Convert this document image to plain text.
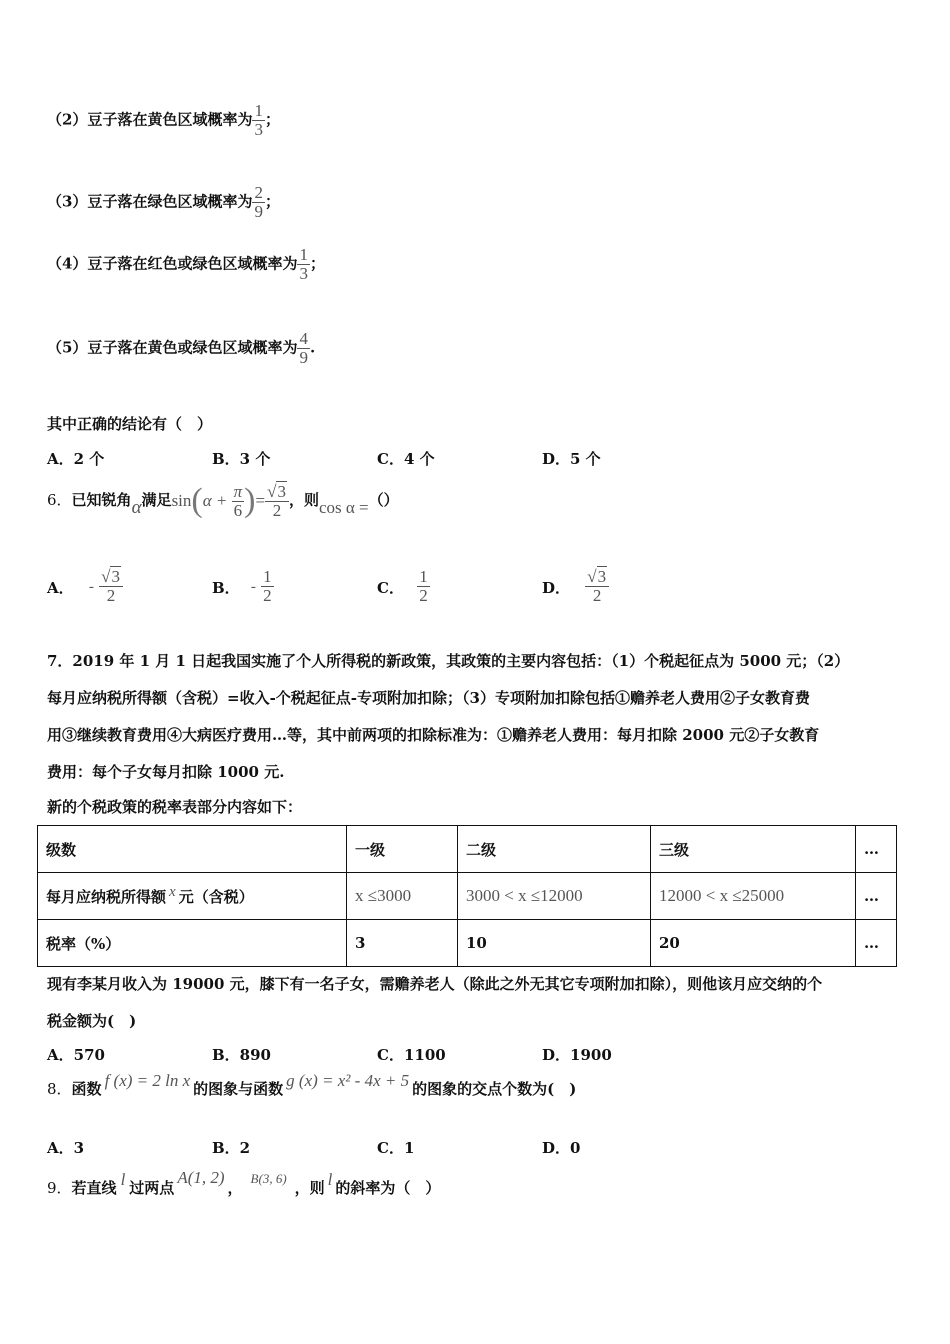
（2）豆子落在黄色区域概率为 $\frac{1}{3}$ ；
（3）豆子落在绿色区域概率为 $\frac{2}{9}$ ；
（4）豆子落在红色或绿色区域概率为 $\frac{1}{3}$ ；
（5）豆子落在黄色或绿色区域概率为 $\frac{4}{9}$ .
其中正确的结论有（　）
A．2 个	B．3 个	C．4 个	D．5 个
6．已知锐角α满足$\sin(\alpha + \frac{\pi}{6}$ )= $\frac{√3}{2}$ ，则cos α =（）
A． - $\frac{√3}{2}$	B． - $\frac{1}{2}$	C． $\frac{1}{2}$	D． $\frac{√3}{2}$
7．2019 年 1 月 1 日起我国实施了个人所得税的新政策，其政策的主要内容包括：（1）个税起征点为 5000 元；（2）
每月应纳税所得额（含税）=收入-个税起征点-专项附加扣除；（3）专项附加扣除包括①赡养老人费用②子女教育费
用③继续教育费用④大病医疗费用…等，其中前两项的扣除标准为：①赡养老人费用：每月扣除 2000 元②子女教育
费用：每个子女每月扣除 1000 元.
新的个税政策的税率表部分内容如下：
级数	一级	二级	三级	…
每月应纳税所得额 x 元（含税）	x ≤3000	3000 < x ≤12000	12000 < x ≤25000	…
税率（%）	3	10	20	…
现有李某月收入为 19000 元，膝下有一名子女，需赡养老人（除此之外无其它专项附加扣除），则他该月应交纳的个
税金额为(　)
A．570	B．890	C．1100	D．1900
8．函数 f (x) = 2 ln x 的图象与函数 g (x) = x² - 4x + 5 的图象的交点个数为(　)
A．3	B．2	C．1	D．0
9．若直线 l 过两点A(1, 2)，B(3, 6)，则 l 的斜率为（　）
